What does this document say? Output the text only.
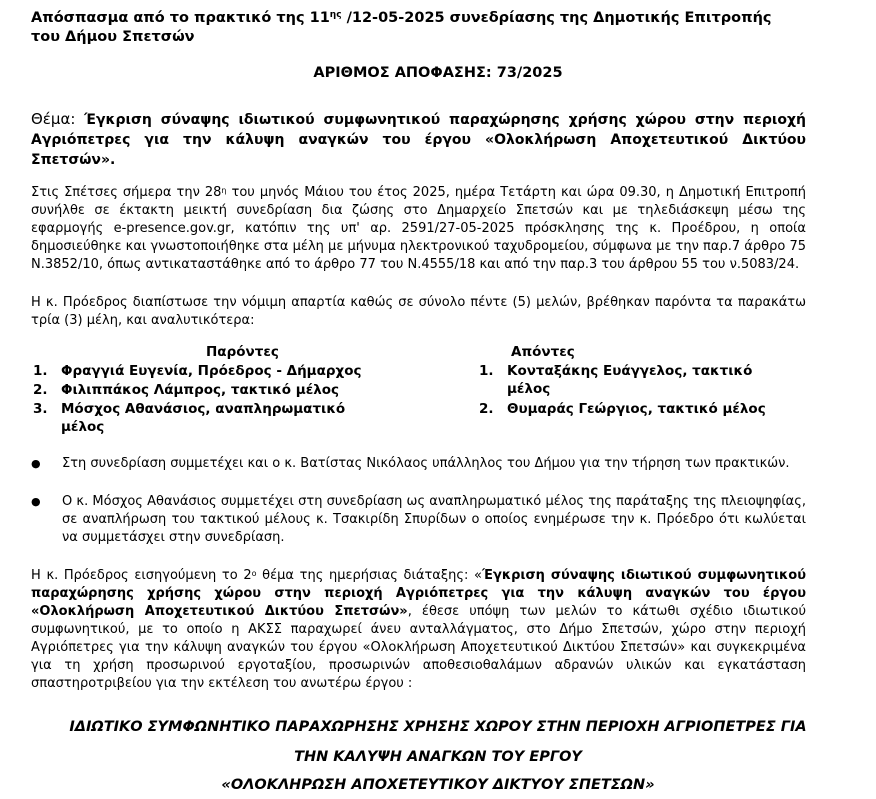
Απόσπασμα από το πρακτικό της $11^{\eta\varsigma}$ /12-05-2025 συνεδρίασης της Δημοτικής Επιτροπής
του Δήμου Σπετσών
ΑΡΙΘΜΟΣ ΑΠΟΦΑΣΗΣ: 73/2025
Θέμα: Έγκριση σύναψης ιδιωτικού συμφωνητικού παραχώρησης χρήσης χώρου στην περιοχή Αγριόπετρες για την κάλυψη αναγκών του έργου «Ολοκλήρωση Αποχετευτικού Δικτύου Σπετσών».
Στις Σπέτσες σήμερα την $28^\eta$ του μηνός Μάιου του έτος 2025, ημέρα Τετάρτη και ώρα 09.30, η Δημοτική Επιτροπή συνήλθε σε έκτακτη μεικτή συνεδρίαση δια ζώσης στο Δημαρχείο Σπετσών και με τηλεδιάσκεψη μέσω της εφαρμογής e-presence.gov.gr, κατόπιν της υπ' αρ. 2591/27-05-2025 πρόσκλησης της κ. Προέδρου, η οποία δημοσιεύθηκε και γνωστοποιήθηκε στα μέλη με μήνυμα ηλεκτρονικού ταχυδρομείου, σύμφωνα με την παρ.7 άρθρο 75 Ν.3852/10, όπως αντικαταστάθηκε από το άρθρο 77 του Ν.4555/18 και από την παρ.3 του άρθρου 55 του ν.5083/24.
Η κ. Πρόεδρος διαπίστωσε την νόμιμη απαρτία καθώς σε σύνολο πέντε (5) μελών, βρέθηκαν παρόντα τα παρακάτω τρία (3) μέλη, και αναλυτικότερα:
Παρόντες	Απόντες
1. Φραγγιά Ευγενία, Πρόεδρος - Δήμαρχος
2. Φιλιππάκος Λάμπρος, τακτικό μέλος
3. Μόσχος Αθανάσιος, αναπληρωματικό
μέλος
1. Κονταξάκης Ευάγγελος, τακτικό
μέλος
2. Θυμαράς Γεώργιος, τακτικό μέλος
● Στη συνεδρίαση συμμετέχει και ο κ. Βατίστας Νικόλαος υπάλληλος του Δήμου για την τήρηση των πρακτικών.
● Ο κ. Μόσχος Αθανάσιος συμμετέχει στη συνεδρίαση ως αναπληρωματικό μέλος της παράταξης της πλειοψηφίας, σε αναπλήρωση του τακτικού μέλους κ. Τσακιρίδη Σπυρίδων ο οποίος ενημέρωσε την κ. Πρόεδρο ότι κωλύεται να συμμετάσχει στην συνεδρίαση.
Η κ. Πρόεδρος εισηγούμενη το $2^o$ θέμα της ημερήσιας διάταξης: «Έγκριση σύναψης ιδιωτικού συμφωνητικού παραχώρησης χρήσης χώρου στην περιοχή Αγριόπετρες για την κάλυψη αναγκών του έργου «Ολοκλήρωση Αποχετευτικού Δικτύου Σπετσών», έθεσε υπόψη των μελών το κάτωθι σχέδιο ιδιωτικού συμφωνητικού, με το οποίο η ΑΚΣΣ παραχωρεί άνευ ανταλλάγματος, στο Δήμο Σπετσών, χώρο στην περιοχή Αγριόπετρες για την κάλυψη αναγκών του έργου «Ολοκλήρωση Αποχετευτικού Δικτύου Σπετσών» και συγκεκριμένα για τη χρήση προσωρινού εργοταξίου, προσωρινών αποθεσιοθαλάμων αδρανών υλικών και εγκατάσταση σπαστηροτριβείου για την εκτέλεση του ανωτέρω έργου :
ΙΔΙΩΤΙΚΟ ΣΥΜΦΩΝΗΤΙΚΟ ΠΑΡΑΧΩΡΗΣΗΣ ΧΡΗΣΗΣ ΧΩΡΟΥ ΣΤΗΝ ΠΕΡΙΟΧΗ ΑΓΡΙΟΠΕΤΡΕΣ ΓΙΑ
ΤΗΝ ΚΑΛΥΨΗ ΑΝΑΓΚΩΝ ΤΟΥ ΕΡΓΟΥ
«ΟΛΟΚΛΗΡΩΣΗ ΑΠΟΧΕΤΕΥΤΙΚΟΥ ΔΙΚΤΥΟΥ ΣΠΕΤΣΩΝ»
